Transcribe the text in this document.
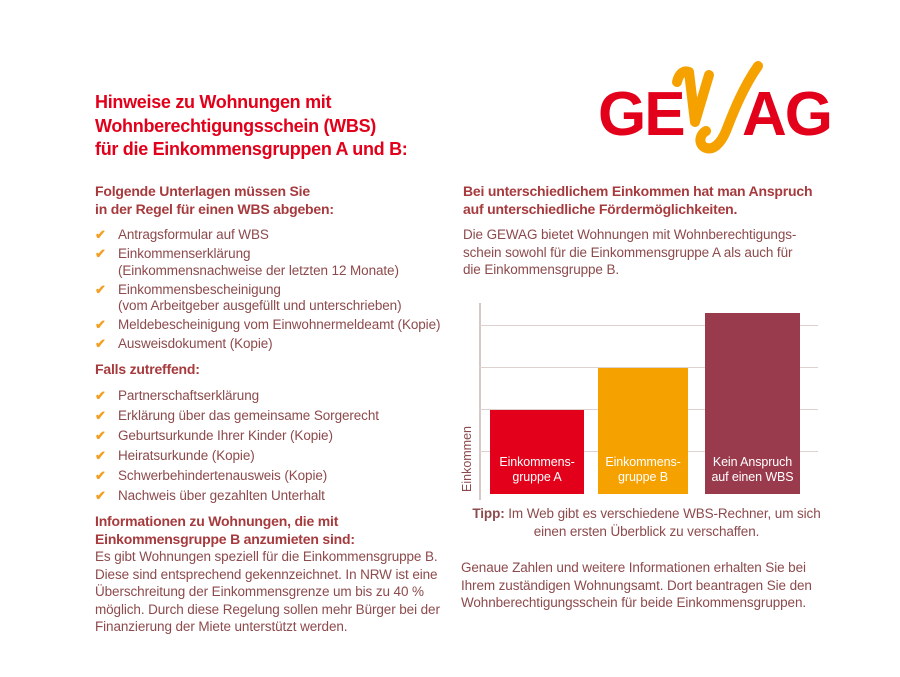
Hinweise zu Wohnungen mit
Wohnberechtigungsschein (WBS)
für die Einkommensgruppen A und B:	GE AG
Folgende Unterlagen müssen Sie
in der Regel für einen WBS abgeben:
✔ Antragsformular auf WBS
✔ Einkommenserklärung
(Einkommensnachweise der letzten 12 Monate)
✔ Einkommensbescheinigung
(vom Arbeitgeber ausgefüllt und unterschrieben)
✔ Meldebescheinigung vom Einwohnermeldeamt (Kopie)
✔ Ausweisdokument (Kopie)
Falls zutreffend:
✔ Partnerschaftserklärung
✔ Erklärung über das gemeinsame Sorgerecht
✔ Geburtsurkunde Ihrer Kinder (Kopie)
✔ Heiratsurkunde (Kopie)
✔ Schwerbehindertenausweis (Kopie)
✔ Nachweis über gezahlten Unterhalt
Informationen zu Wohnungen, die mit
Einkommensgruppe B anzumieten sind:
Es gibt Wohnungen speziell für die Einkommensgruppe B.
Diese sind entsprechend gekennzeichnet. In NRW ist eine
Überschreitung der Einkommensgrenze um bis zu 40 %
möglich. Durch diese Regelung sollen mehr Bürger bei der
Finanzierung der Miete unterstützt werden.
Bei unterschiedlichem Einkommen hat man Anspruch
auf unterschiedliche Fördermöglichkeiten.
Die GEWAG bietet Wohnungen mit Wohnberechtigungs-
schein sowohl für die Einkommensgruppe A als auch für
die Einkommensgruppe B.
Einkommen	Einkommens-
gruppe A
Einkommens-
gruppe B
Kein Anspruch
auf einen WBS
Tipp: Im Web gibt es verschiedene WBS-Rechner, um sich
einen ersten Überblick zu verschaffen.
Genaue Zahlen und weitere Informationen erhalten Sie bei
Ihrem zuständigen Wohnungsamt. Dort beantragen Sie den
Wohnberechtigungsschein für beide Einkommensgruppen.
